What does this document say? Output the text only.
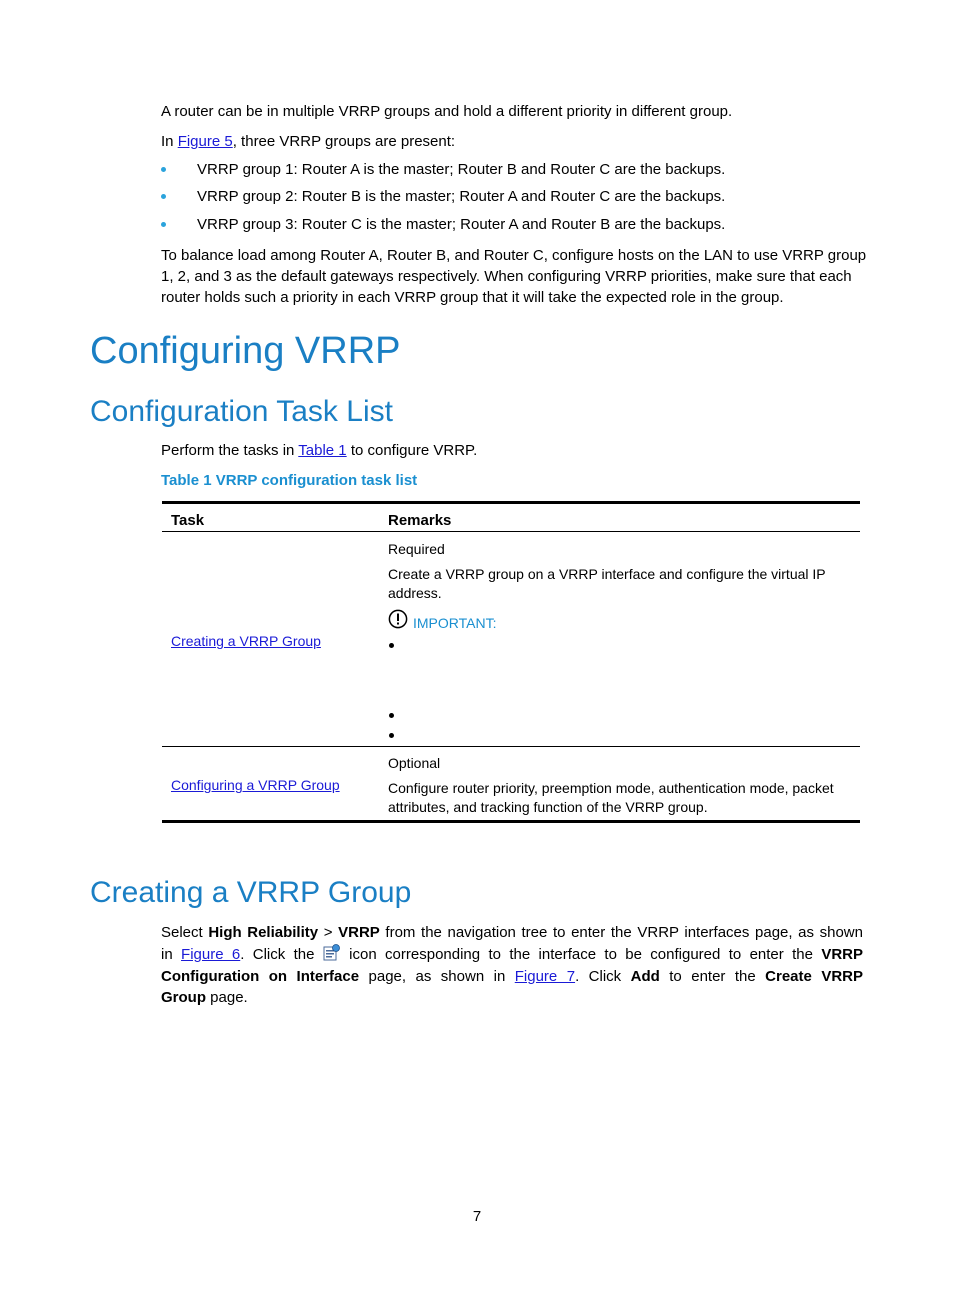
A router can be in multiple VRRP groups and hold a different priority in different group.

In Figure 5, three VRRP groups are present:

VRRP group 1: Router A is the master; Router B and Router C are the backups.

VRRP group 2: Router B is the master; Router A and Router C are the backups.

VRRP group 3: Router C is the master; Router A and Router B are the backups.

To balance load among Router A, Router B, and Router C, configure hosts on the LAN to use VRRP group

1, 2, and 3 as the default gateways respectively. When configuring VRRP priorities, make sure that each

router holds such a priority in each VRRP group that it will take the expected role in the group.

Configuring VRRP
Configuration Task List

Perform the tasks in Table 1 to configure VRRP.

Table 1 VRRP configuration task list
Task	Remarks
Creating a VRRP Group
Required
Create a VRRP group on a VRRP interface and configure the virtual IP
address.
IMPORTANT:
Configuring a VRRP Group
Optional
Configure router priority, preemption mode, authentication mode, packet
attributes, and tracking function of the VRRP group.
Creating a VRRP Group

Select High Reliability > VRRP from the navigation tree to enter the VRRP interfaces page, as shown

in Figure 6. Click the  icon corresponding to the interface to be configured to enter the VRRP

Configuration on Interface page, as shown in Figure 7. Click Add to enter the Create VRRP

Group page.

7
